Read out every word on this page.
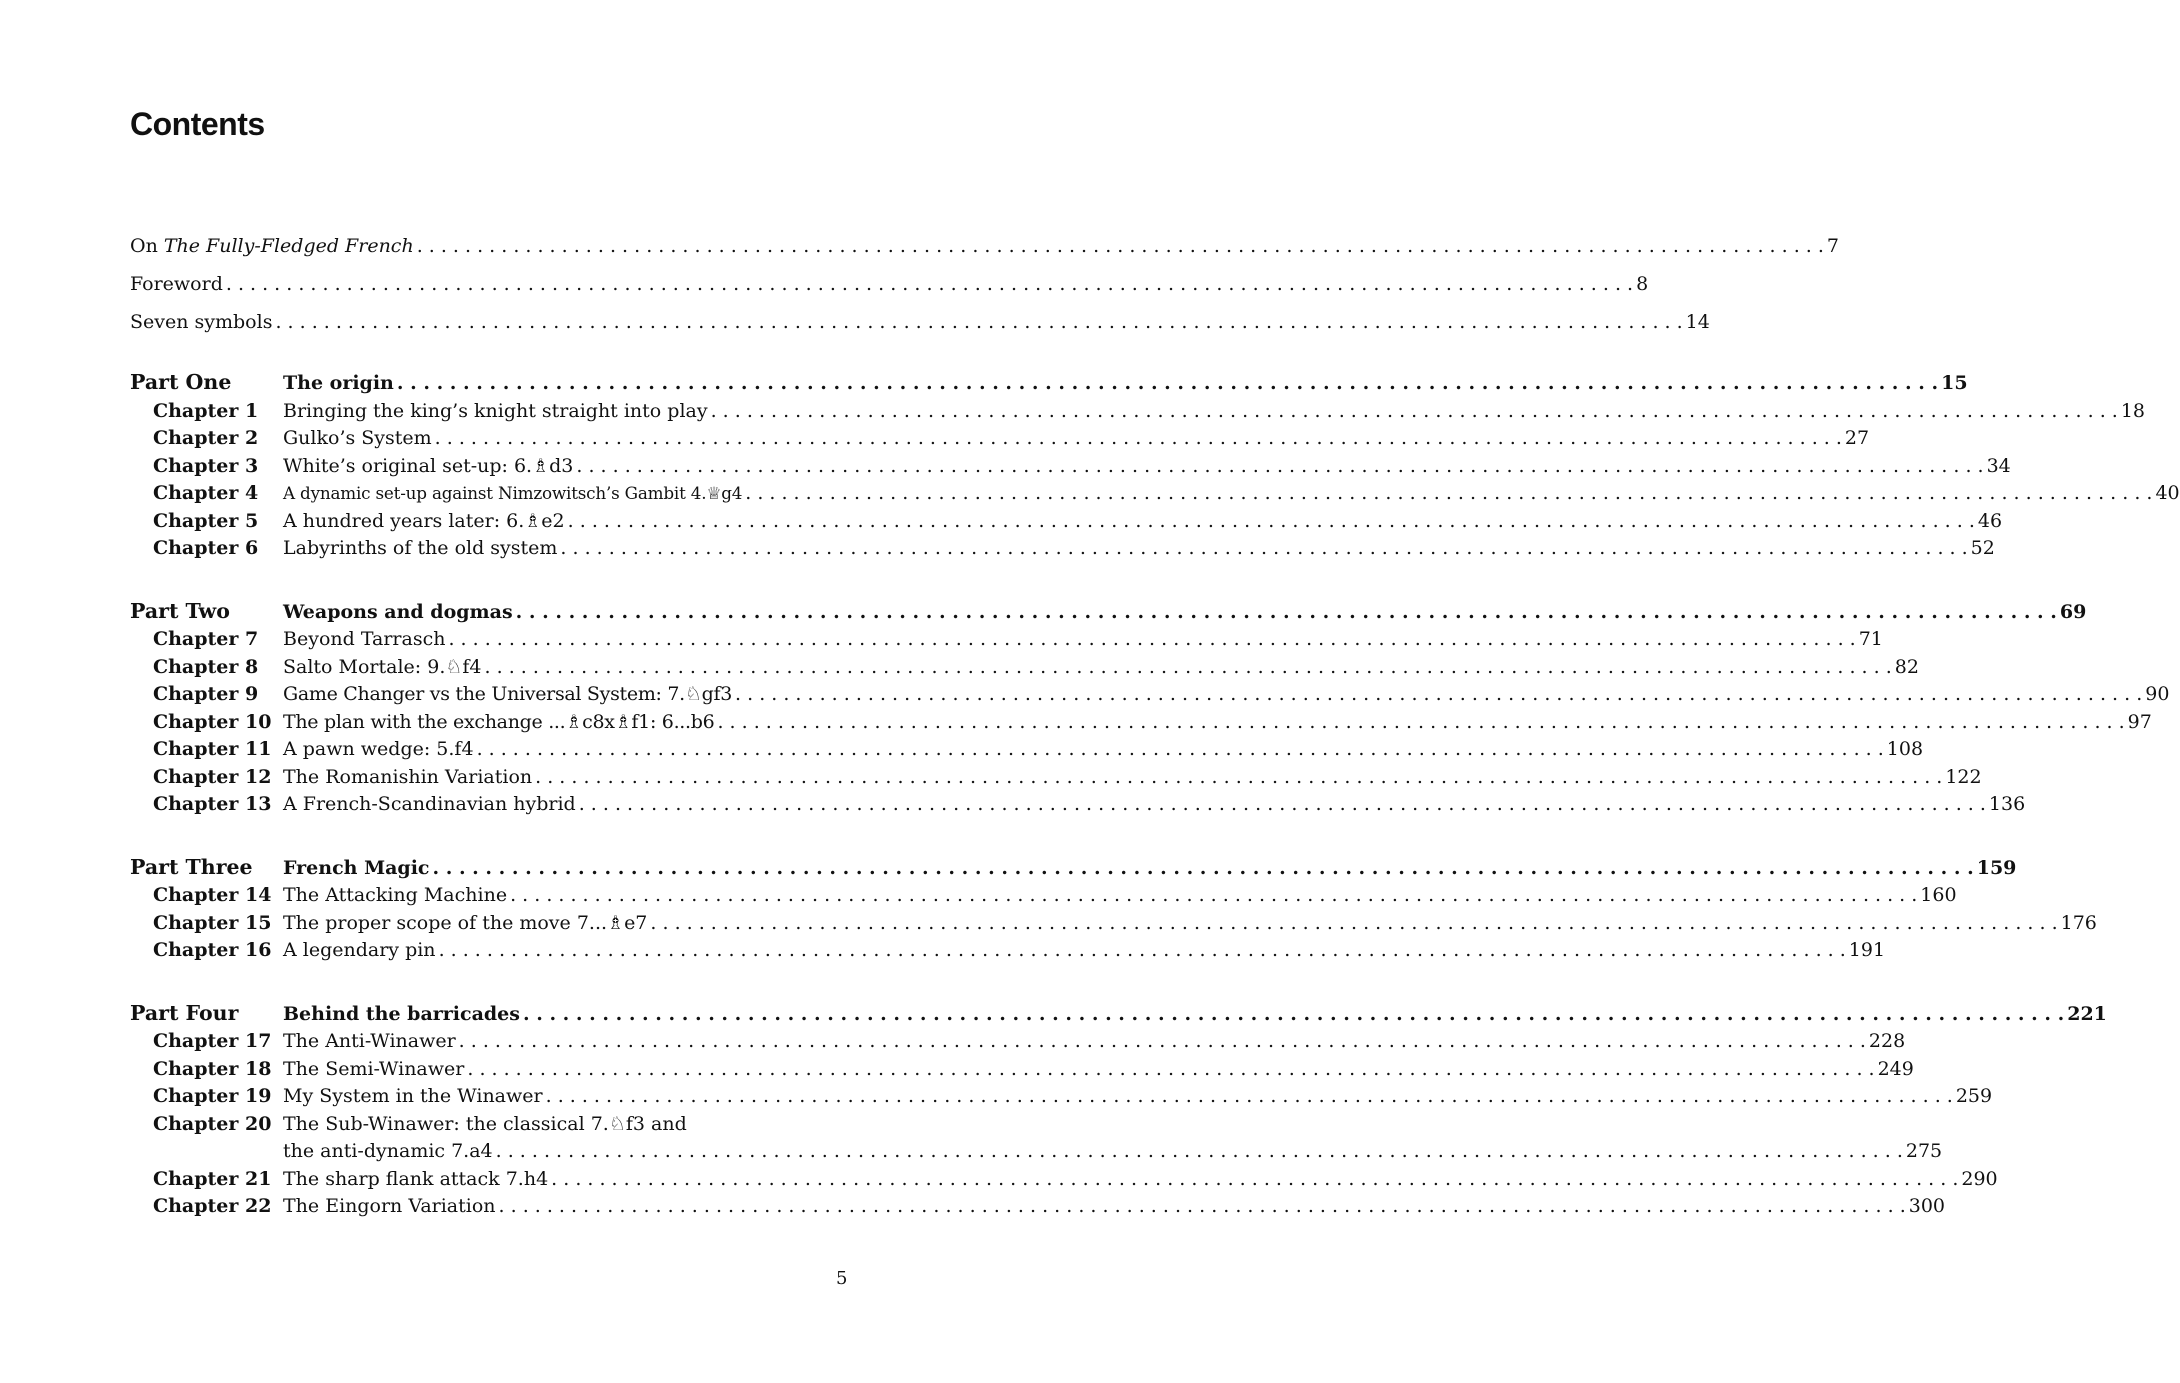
Contents
On The Fully-Fledged French . . .	7
Foreword . . .	8
Seven symbols . . .	14
Part One	The origin . . .	15
Chapter 1	Bringing the king’s knight straight into play . . .	18
Chapter 2	Gulko’s System . . .	27
Chapter 3	White’s original set-up: 6.♗d3 . . .	34
Chapter 4	A dynamic set-up against Nimzowitsch’s Gambit 4.♕g4 . . .	40
Chapter 5	A hundred years later: 6.♗e2 . . .	46
Chapter 6	Labyrinths of the old system . . .	52
Part Two	Weapons and dogmas . . .	69
Chapter 7	Beyond Tarrasch . . .	71
Chapter 8	Salto Mortale: 9.♘f4 . . .	82
Chapter 9	Game Changer vs the Universal System: 7.♘gf3 . . .	90
Chapter 10 The plan with the exchange ...♗c8x♗f1: 6...b6 . . .	97
Chapter 11 A pawn wedge: 5.f4 . . .	108
Chapter 12 The Romanishin Variation . . .	122
Chapter 13 A French-Scandinavian hybrid . . .	136
Part Three	French Magic . . .	159
Chapter 14 The Attacking Machine . . .	160
Chapter 15 The proper scope of the move 7...♗e7 . . .	176
Chapter 16 A legendary pin . . .	191
Part Four	Behind the barricades . . .	221
Chapter 17 The Anti-Winawer . . .	228
Chapter 18 The Semi-Winawer . . .	249
Chapter 19 My System in the Winawer . . .	259
Chapter 20 The Sub-Winawer: the classical 7.♘f3 and
the anti-dynamic 7.a4 . . .	275
Chapter 21 The sharp flank attack 7.h4 . . .	290
Chapter 22 The Eingorn Variation . . .	300
5
